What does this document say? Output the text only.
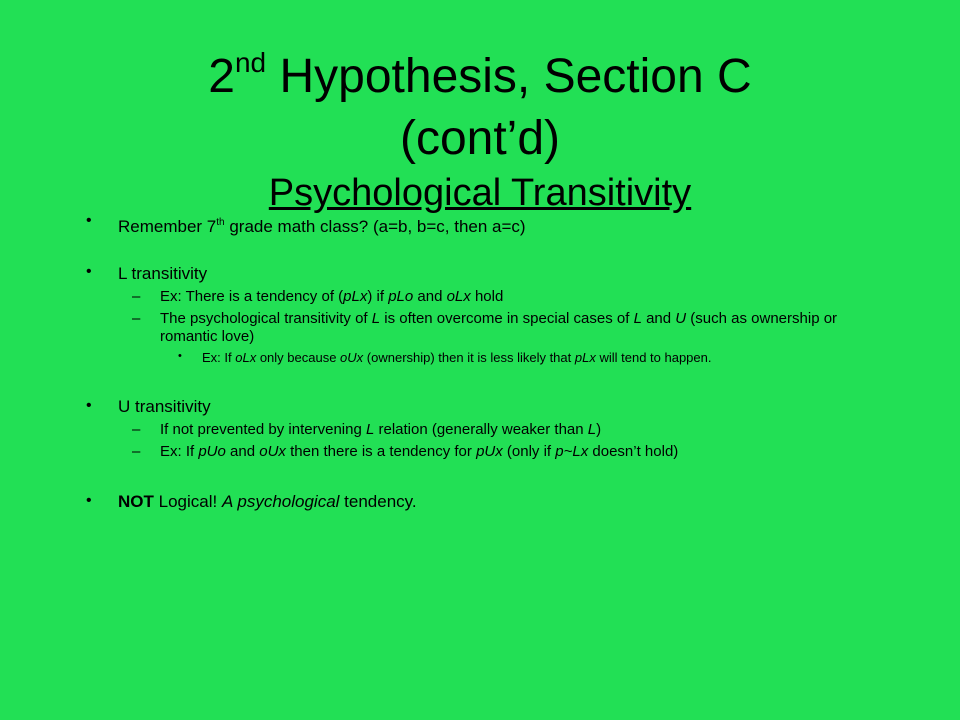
2nd Hypothesis, Section C
(cont’d)
Psychological Transitivity
• Remember 7th grade math class? (a=b, b=c, then a=c)
• L transitivity
– Ex: There is a tendency of (pLx) if pLo and oLx hold
– The psychological transitivity of L is often overcome in special cases of L and U (such as ownership or romantic love)
• Ex: If oLx only because oUx (ownership) then it is less likely that pLx will tend to happen.
• U transitivity
– If not prevented by intervening L relation (generally weaker than L)
– Ex: If pUo and oUx then there is a tendency for pUx (only if p~Lx doesn’t hold)
• NOT Logical! A psychological tendency.
